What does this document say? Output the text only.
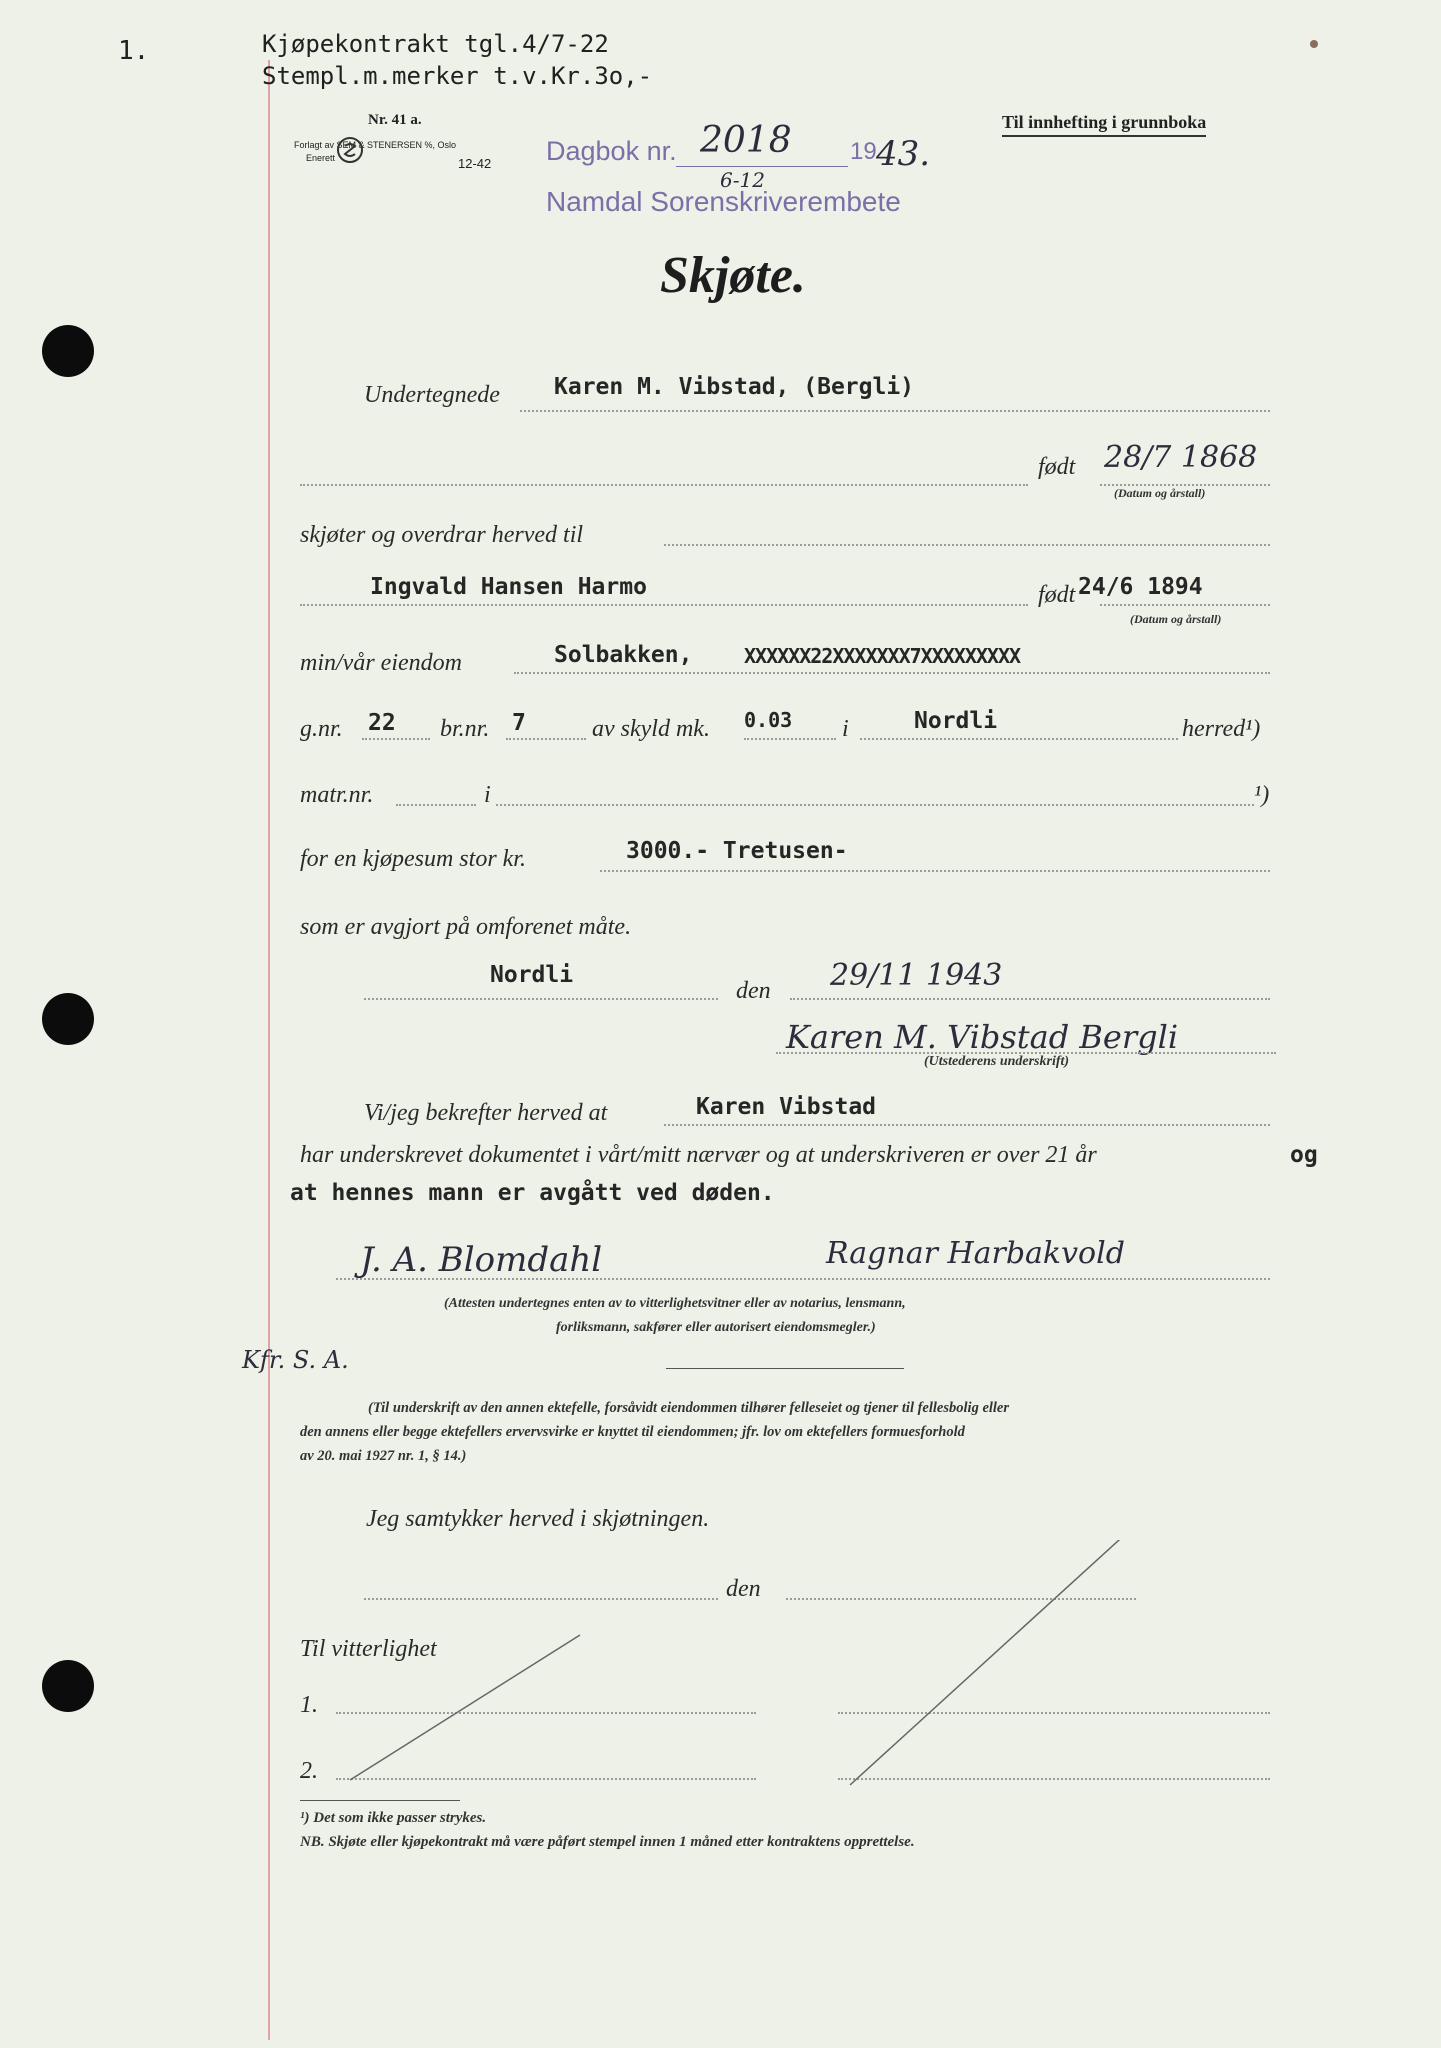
1.	Kjøpekontrakt tgl.4/7-22
Stempl.m.merker t.v.Kr.3o,-
Nr. 41 a.
Forlagt av SEM & STENERSEN %, Oslo
Enerett	12-42 Dagbok nr. 2018
6-12
19 43.
Namdal Sorenskriverembete
Til innhefting i grunnboka
Skjøte.
Undertegnede Karen M. Vibstad, (Bergli)
født 28/7 1868
(Datum og årstall)
skjøter og overdrar herved til
Ingvald Hansen Harmo	født 24/6 1894
(Datum og årstall)
min/vår eiendom	Solbakken,	XXXXXX22XXXXXXX7XXXXXXXXX
g.nr. 22 br.nr. 7	av skyld mk. 0.03 i	Nordli	herred¹)
matr.nr.	i	¹)
for en kjøpesum stor kr.	3000.- Tretusen-
som er avgjort på omforenet måte.
Nordli
den 29/11 1943
Karen M. Vibstad Bergli
(Utstederens underskrift)
Vi/jeg bekrefter herved at	Karen Vibstad
har underskrevet dokumentet i vårt/mitt nærvær og at underskriveren er over 21 år	og
at hennes mann er avgått ved døden.
J. A. Blomdahl	Ragnar Harbakvold
(Attesten undertegnes enten av to vitterlighetsvitner eller av notarius, lensmann,
forliksmann, sakfører eller autorisert eiendomsmegler.)
Kfr. S. A.
(Til underskrift av den annen ektefelle, forsåvidt eiendommen tilhører felleseiet og tjener til fellesbolig eller
den annens eller begge ektefellers ervervsvirke er knyttet til eiendommen; jfr. lov om ektefellers formuesforhold
av 20. mai 1927 nr. 1, § 14.)
Jeg samtykker herved i skjøtningen.
den
Til vitterlighet
1.
2.
¹) Det som ikke passer strykes.
NB. Skjøte eller kjøpekontrakt må være påført stempel innen 1 måned etter kontraktens opprettelse.
